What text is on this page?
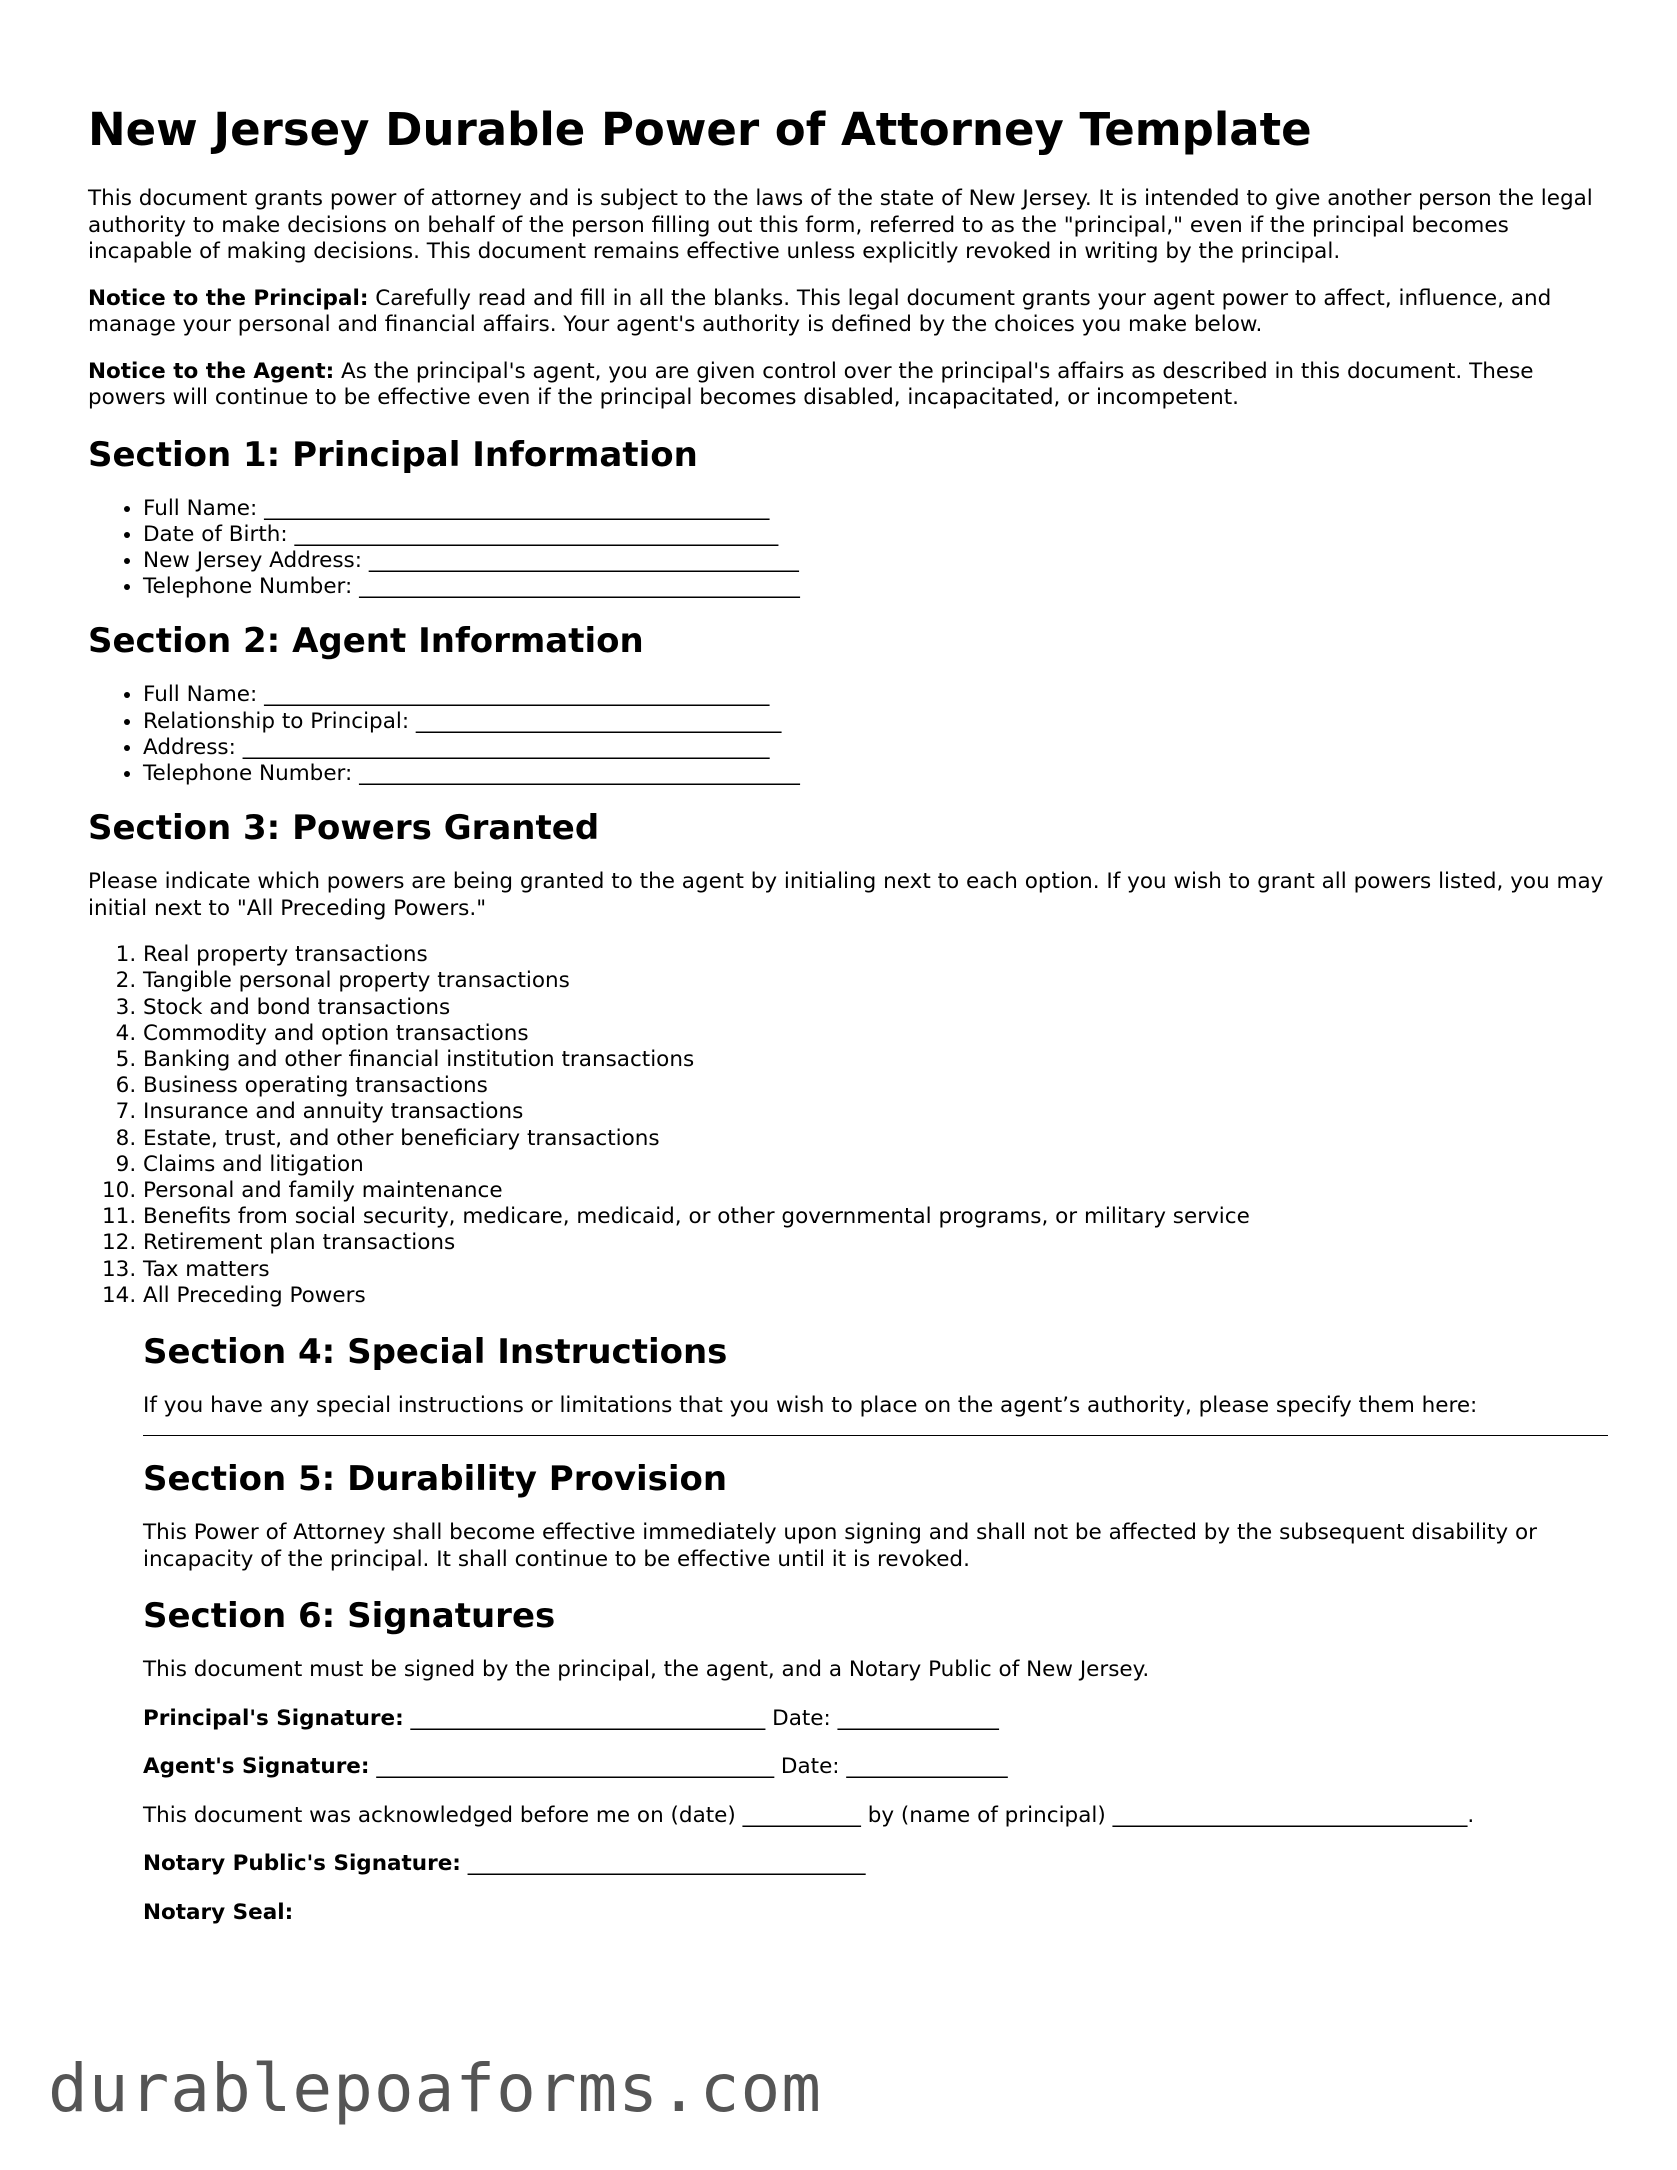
New Jersey Durable Power of Attorney Template

This document grants power of attorney and is subject to the laws of the state of New Jersey. It is intended to give another person the legal authority to make decisions on behalf of the person filling out this form, referred to as the "principal," even if the principal becomes incapable of making decisions. This document remains effective unless explicitly revoked in writing by the principal.

Notice to the Principal: Carefully read and fill in all the blanks. This legal document grants your agent power to affect, influence, and manage your personal and financial affairs. Your agent's authority is defined by the choices you make below.

Notice to the Agent: As the principal's agent, you are given control over the principal's affairs as described in this document. These powers will continue to be effective even if the principal becomes disabled, incapacitated, or incompetent.

Section 1: Principal Information
• Full Name: _______________________________________________
• Date of Birth: _____________________________________________
• New Jersey Address: ________________________________________
• Telephone Number: _________________________________________
Section 2: Agent Information
• Full Name: _______________________________________________
• Relationship to Principal: __________________________________
• Address: _________________________________________________
• Telephone Number: _________________________________________
Section 3: Powers Granted

Please indicate which powers are being granted to the agent by initialing next to each option. If you wish to grant all powers listed, you may initial next to "All Preceding Powers."

1. Real property transactions
2. Tangible personal property transactions
3. Stock and bond transactions
4. Commodity and option transactions
5. Banking and other financial institution transactions
6. Business operating transactions
7. Insurance and annuity transactions
8. Estate, trust, and other beneficiary transactions
9. Claims and litigation
10. Personal and family maintenance
11. Benefits from social security, medicare, medicaid, or other governmental programs, or military service
12. Retirement plan transactions
13. Tax matters
14. All Preceding Powers
Section 4: Special Instructions

If you have any special instructions or limitations that you wish to place on the agent’s authority, please specify them here:

Section 5: Durability Provision

This Power of Attorney shall become effective immediately upon signing and shall not be affected by the subsequent disability or incapacity of the principal. It shall continue to be effective until it is revoked.

Section 6: Signatures

This document must be signed by the principal, the agent, and a Notary Public of New Jersey.

Principal's Signature: _________________________________ Date: _______________

Agent's Signature: _____________________________________ Date: _______________

This document was acknowledged before me on (date) ___________ by (name of principal) _________________________________.

Notary Public's Signature: _____________________________________

Notary Seal:

durablepoaforms.com
